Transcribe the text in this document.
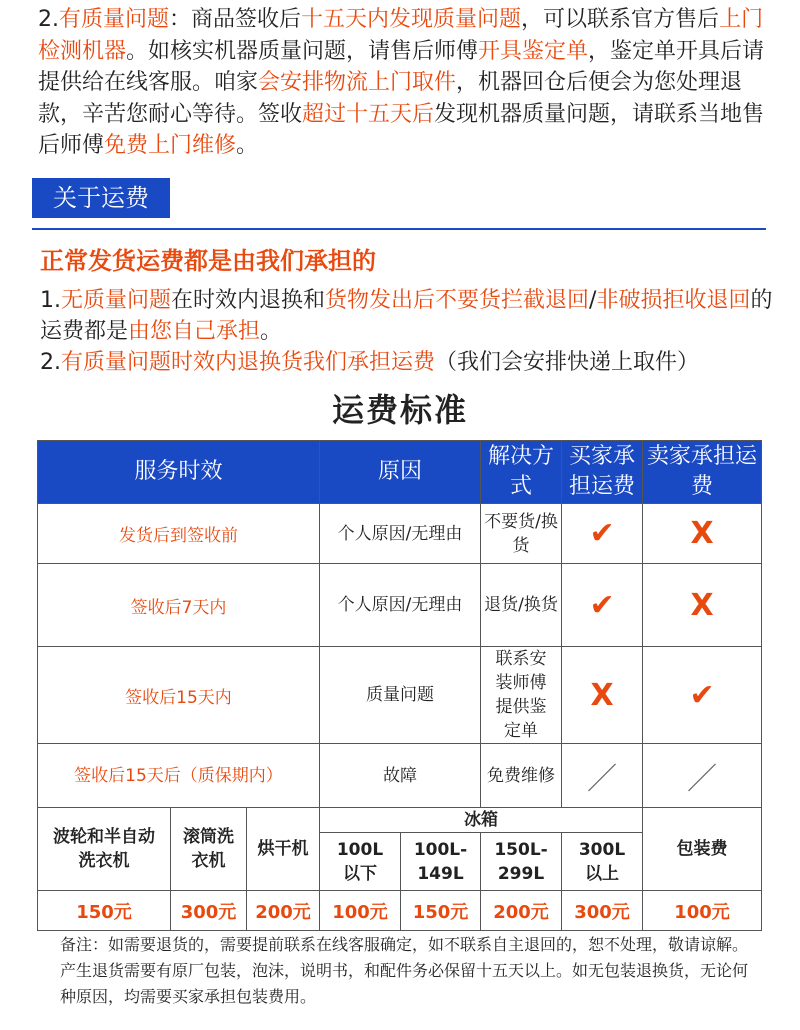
2.有质量问题：商品签收后十五天内发现质量问题，可以联系官方售后上门检测机器。如核实机器质量问题，请售后师傅开具鉴定单，鉴定单开具后请提供给在线客服。咱家会安排物流上门取件，机器回仓后便会为您处理退款，辛苦您耐心等待。签收超过十五天后发现机器质量问题，请联系当地售后师傅免费上门维修。
关于运费
正常发货运费都是由我们承担的
1.无质量问题在时效内退换和货物发出后不要货拦截退回/非破损拒收退回的运费都是由您自己承担。
2.有质量问题时效内退换货我们承担运费（我们会安排快递上取件）
运费标准
服务时效			原因		解决方式	买家承担运费	卖家承担运费
发货后到签收前			个人原因/无理由		不要货/换货	✔	X
签收后7天内			个人原因/无理由		退货/换货	✔	X
签收后15天内			质量问题		联系安装师傅提供鉴定单	X	✔
签收后15天后（质保期内）			故障		免费维修	／	／
波轮和半自动洗衣机	滚筒洗衣机	烘干机	冰箱				包装费
			100L以下	100L-149L	150L-299L	300L以上	
150元	300元	200元	100元	150元	200元	300元	100元
备注：如需要退货的，需要提前联系在线客服确定，如不联系自主退回的，恕不处理，敬请谅解。产生退货需要有原厂包装，泡沫，说明书，和配件务必保留十五天以上。如无包装退换货，无论何种原因，均需要买家承担包装费用。
